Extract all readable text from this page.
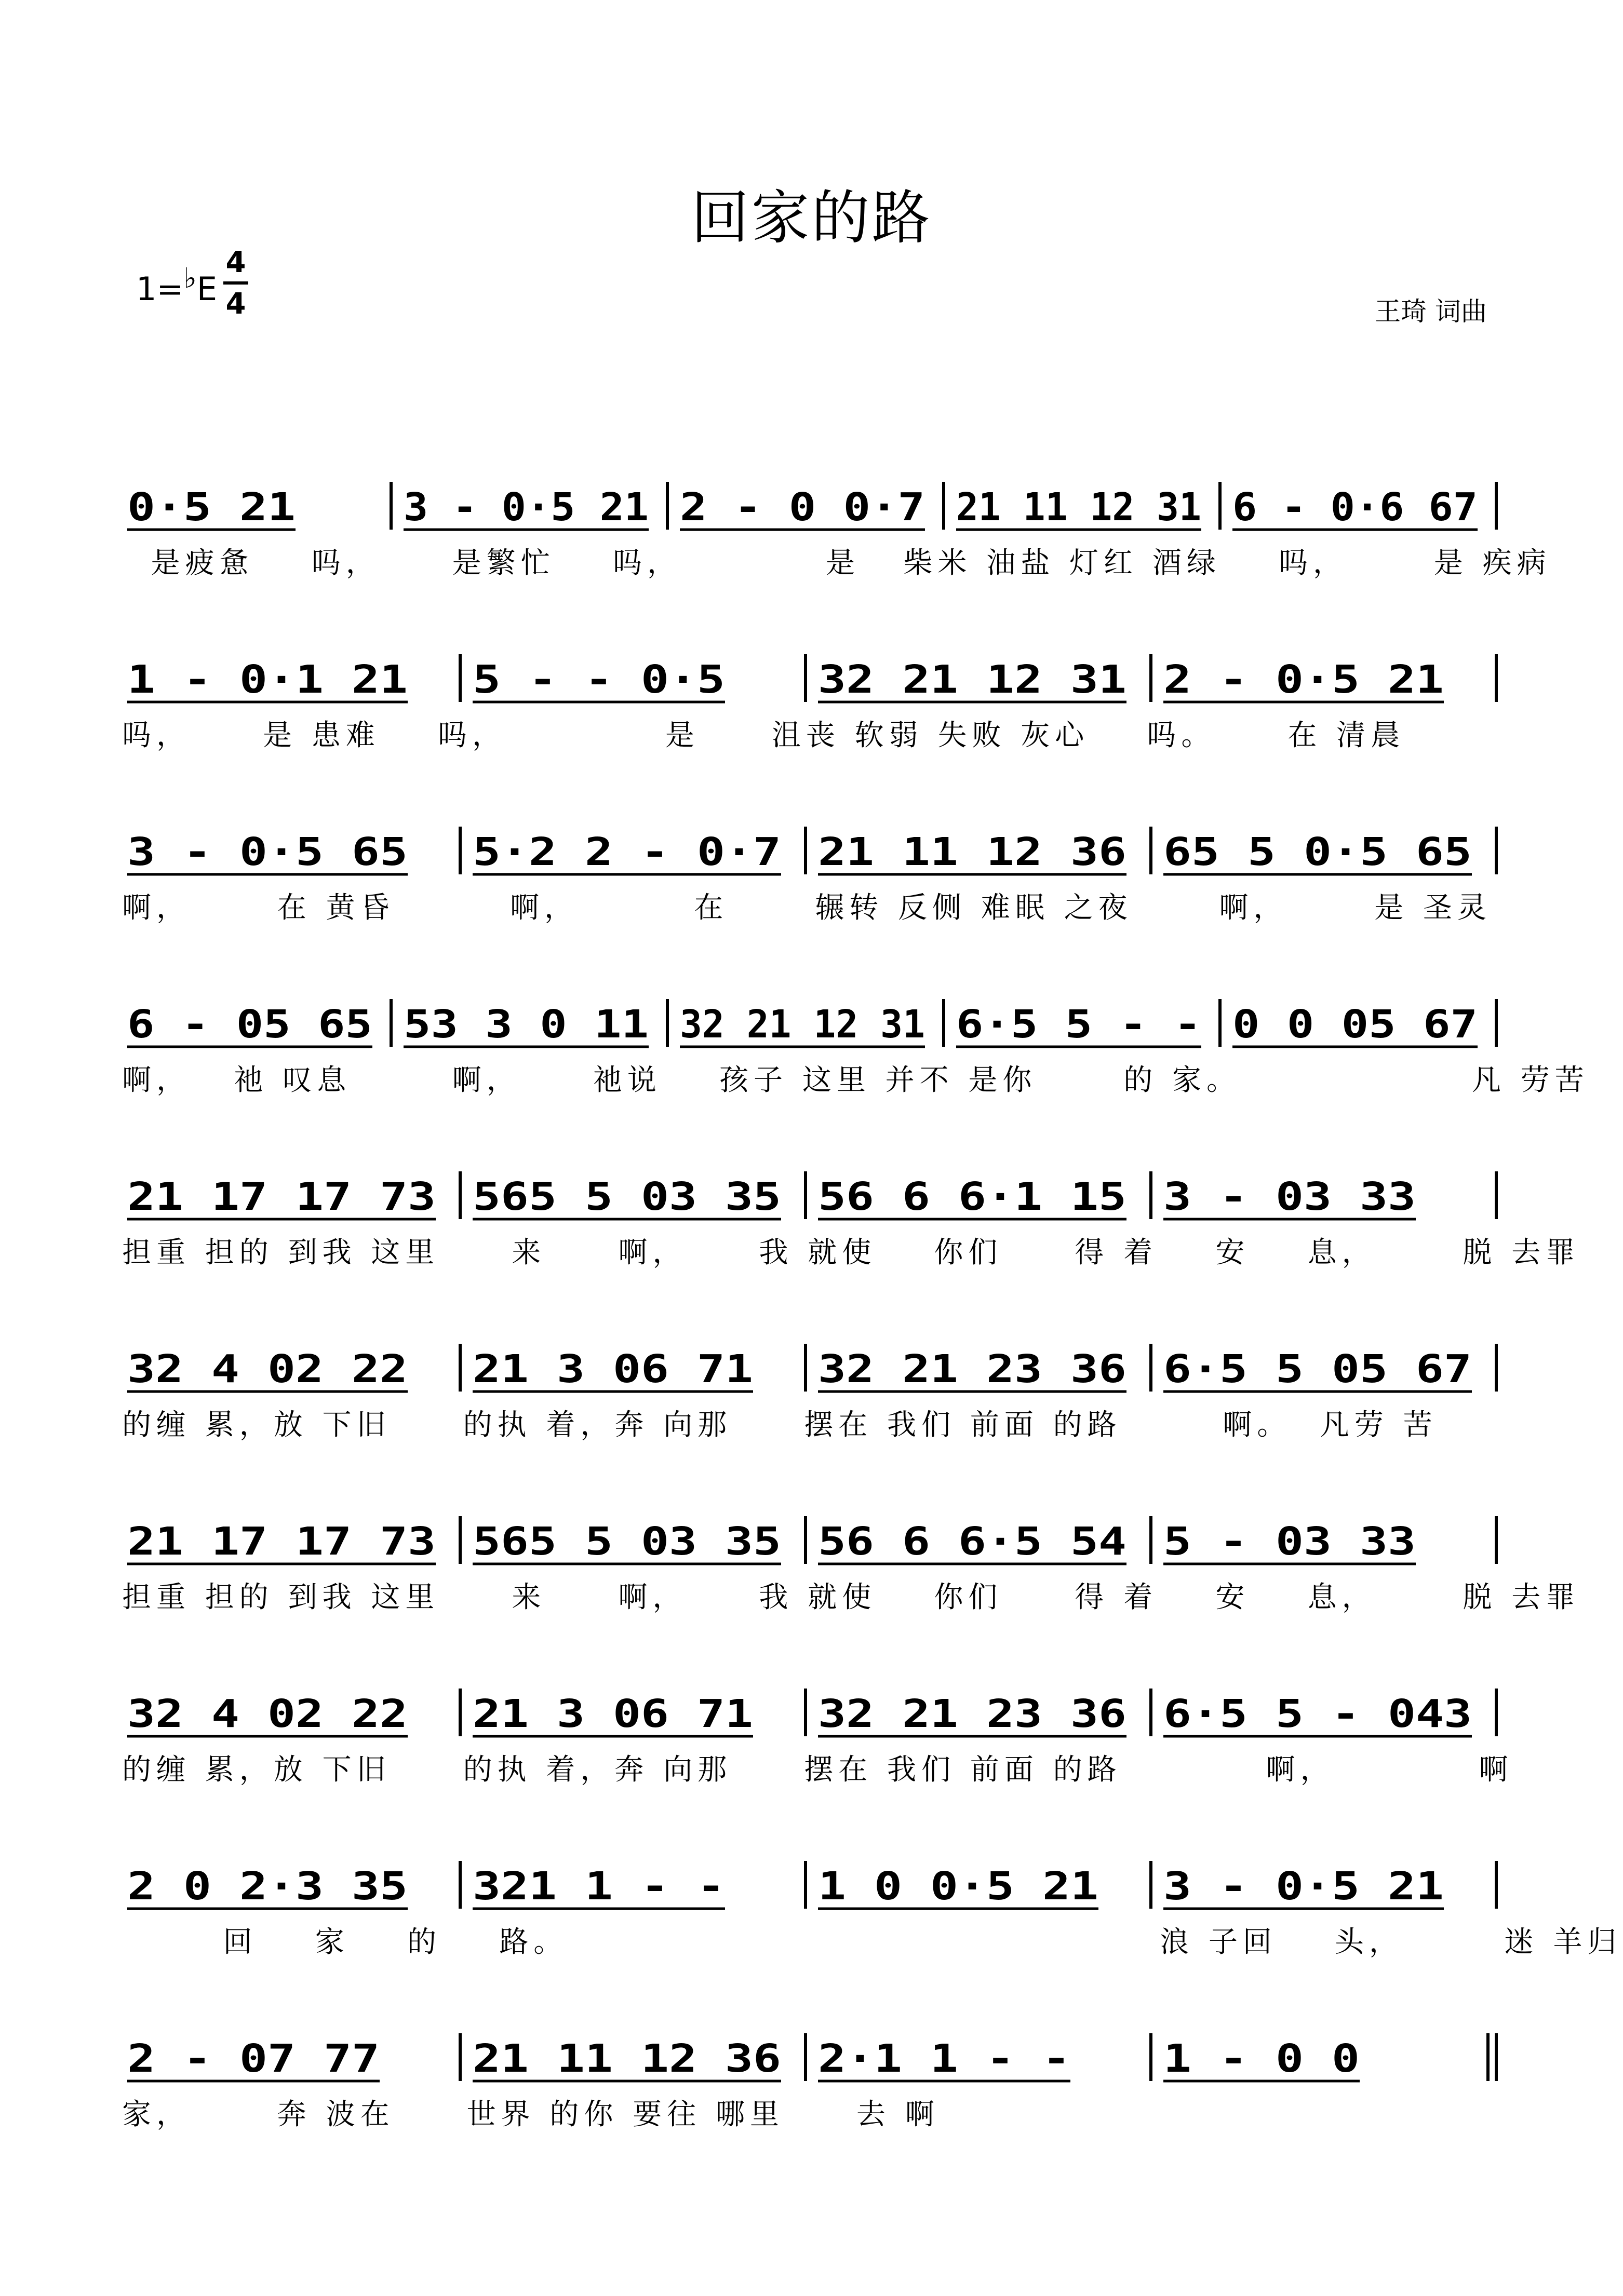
回家的路
1=♭E
4
4	王琦 词曲
0·5 21	3 - 0·5 21 2 - 0 0·7 21 11 12 31 6 - 0·6 67
是疲惫    吗，     是繁忙    吗，          是   柴米 油盐 灯红 酒绿    吗，      是 疾病
1 - 0·1 21 5 - - 0·5 32 21 12 31 2 - 0·5 21
吗，     是 患难    吗，           是     沮丧 软弱 失败 灰心    吗。     在 清晨
3 - 0·5 65 5·2 2 - 0·7 21 11 12 36 65 5 0·5 65
啊，      在 黄昏        啊，        在      辗转 反侧 难眠 之夜      啊，      是 圣灵
6 - 05 65 53 3 0 11 32 21 12 31 6·5 5 - - 0 0 05 67
啊，   祂 叹息       啊，     祂说    孩子 这里 并不 是你      的 家。                凡 劳苦
21 17 17 73 565 5 03 35 56 6 6·1 15 3 - 03 33
担重 担的 到我 这里     来     啊，     我 就使    你们     得 着    安    息，      脱 去罪
32 4 02 22 21 3 06 71 32 21 23 36 6·5 5 05 67
的缠 累，放 下旧     的执 着，奔 向那     摆在 我们 前面 的路       啊。  凡劳 苦
21 17 17 73 565 5 03 35 56 6 6·5 54 5 - 03 33
担重 担的 到我 这里     来     啊，     我 就使    你们     得 着    安    息，      脱 去罪
32 4 02 22 21 3 06 71 32 21 23 36 6·5 5 - 043
的缠 累，放 下旧     的执 着，奔 向那     摆在 我们 前面 的路          啊，          啊
2 0 2·3 35 321 1 - - 1 0 0·5 21 3 - 0·5 21
回    家    的    路。                                         浪 子回    头，       迷 羊归
2 - 07 77 21 11 12 36 2·1 1 - - 1 - 0 0
家，      奔 波在     世界 的你 要往 哪里     去 啊
